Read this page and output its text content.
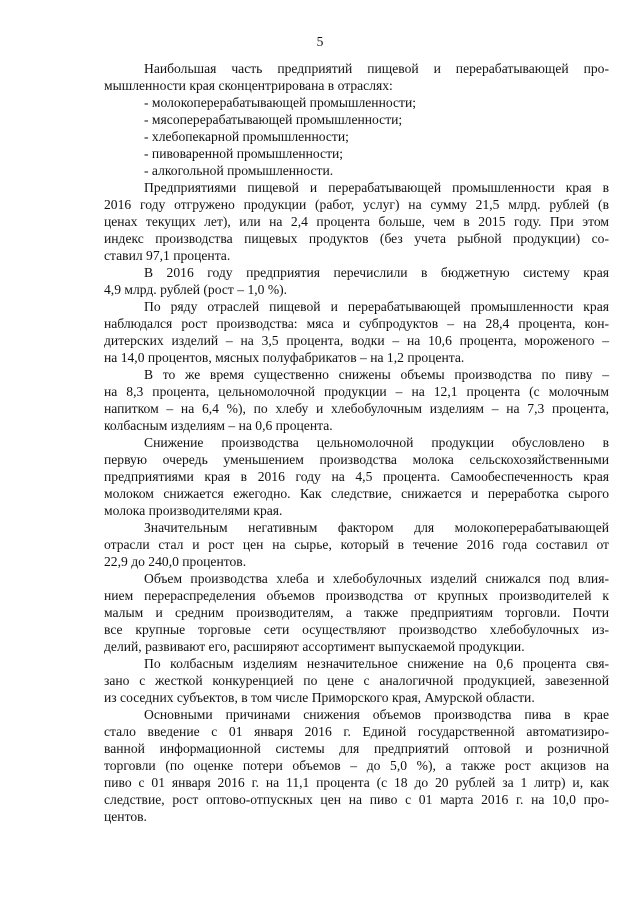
5
Наибольшая часть предприятий пищевой и перерабатывающей про-
мышленности края сконцентрирована в отраслях:
- молокоперерабатывающей промышленности;
- мясоперерабатывающей промышленности;
- хлебопекарной промышленности;
- пивоваренной промышленности;
- алкогольной промышленности.
Предприятиями пищевой и перерабатывающей промышленности края в
2016 году отгружено продукции (работ, услуг) на сумму 21,5 млрд. рублей (в
ценах текущих лет), или на 2,4 процента больше, чем в 2015 году. При этом
индекс производства пищевых продуктов (без учета рыбной продукции) со-
ставил 97,1 процента.
В 2016 году предприятия перечислили в бюджетную систему края
4,9 млрд. рублей (рост – 1,0 %).
По ряду отраслей пищевой и перерабатывающей промышленности края
наблюдался рост производства: мяса и субпродуктов – на 28,4 процента, кон-
дитерских изделий – на 3,5 процента, водки – на 10,6 процента, мороженого –
на 14,0 процентов, мясных полуфабрикатов – на 1,2 процента.
В то же время существенно снижены объемы производства по пиву –
на 8,3 процента, цельномолочной продукции – на 12,1 процента (с молочным
напитком – на 6,4 %), по хлебу и хлебобулочным изделиям – на 7,3 процента,
колбасным изделиям – на 0,6 процента.
Снижение производства цельномолочной продукции обусловлено в
первую очередь уменьшением производства молока сельскохозяйственными
предприятиями края в 2016 году на 4,5 процента. Самообеспеченность края
молоком снижается ежегодно. Как следствие, снижается и переработка сырого
молока производителями края.
Значительным негативным фактором для молокоперерабатывающей
отрасли стал и рост цен на сырье, который в течение 2016 года составил от
22,9 до 240,0 процентов.
Объем производства хлеба и хлебобулочных изделий снижался под влия-
нием перераспределения объемов производства от крупных производителей к
малым и средним производителям, а также предприятиям торговли. Почти
все крупные торговые сети осуществляют производство хлебобулочных из-
делий, развивают его, расширяют ассортимент выпускаемой продукции.
По колбасным изделиям незначительное снижение на 0,6 процента свя-
зано с жесткой конкуренцией по цене с аналогичной продукцией, завезенной
из соседних субъектов, в том числе Приморского края, Амурской области.
Основными причинами снижения объемов производства пива в крае
стало введение с 01 января 2016 г. Единой государственной автоматизиро-
ванной информационной системы для предприятий оптовой и розничной
торговли (по оценке потери объемов – до 5,0 %), а также рост акцизов на
пиво с 01 января 2016 г. на 11,1 процента (с 18 до 20 рублей за 1 литр) и, как
следствие, рост оптово-отпускных цен на пиво с 01 марта 2016 г. на 10,0 про-
центов.
